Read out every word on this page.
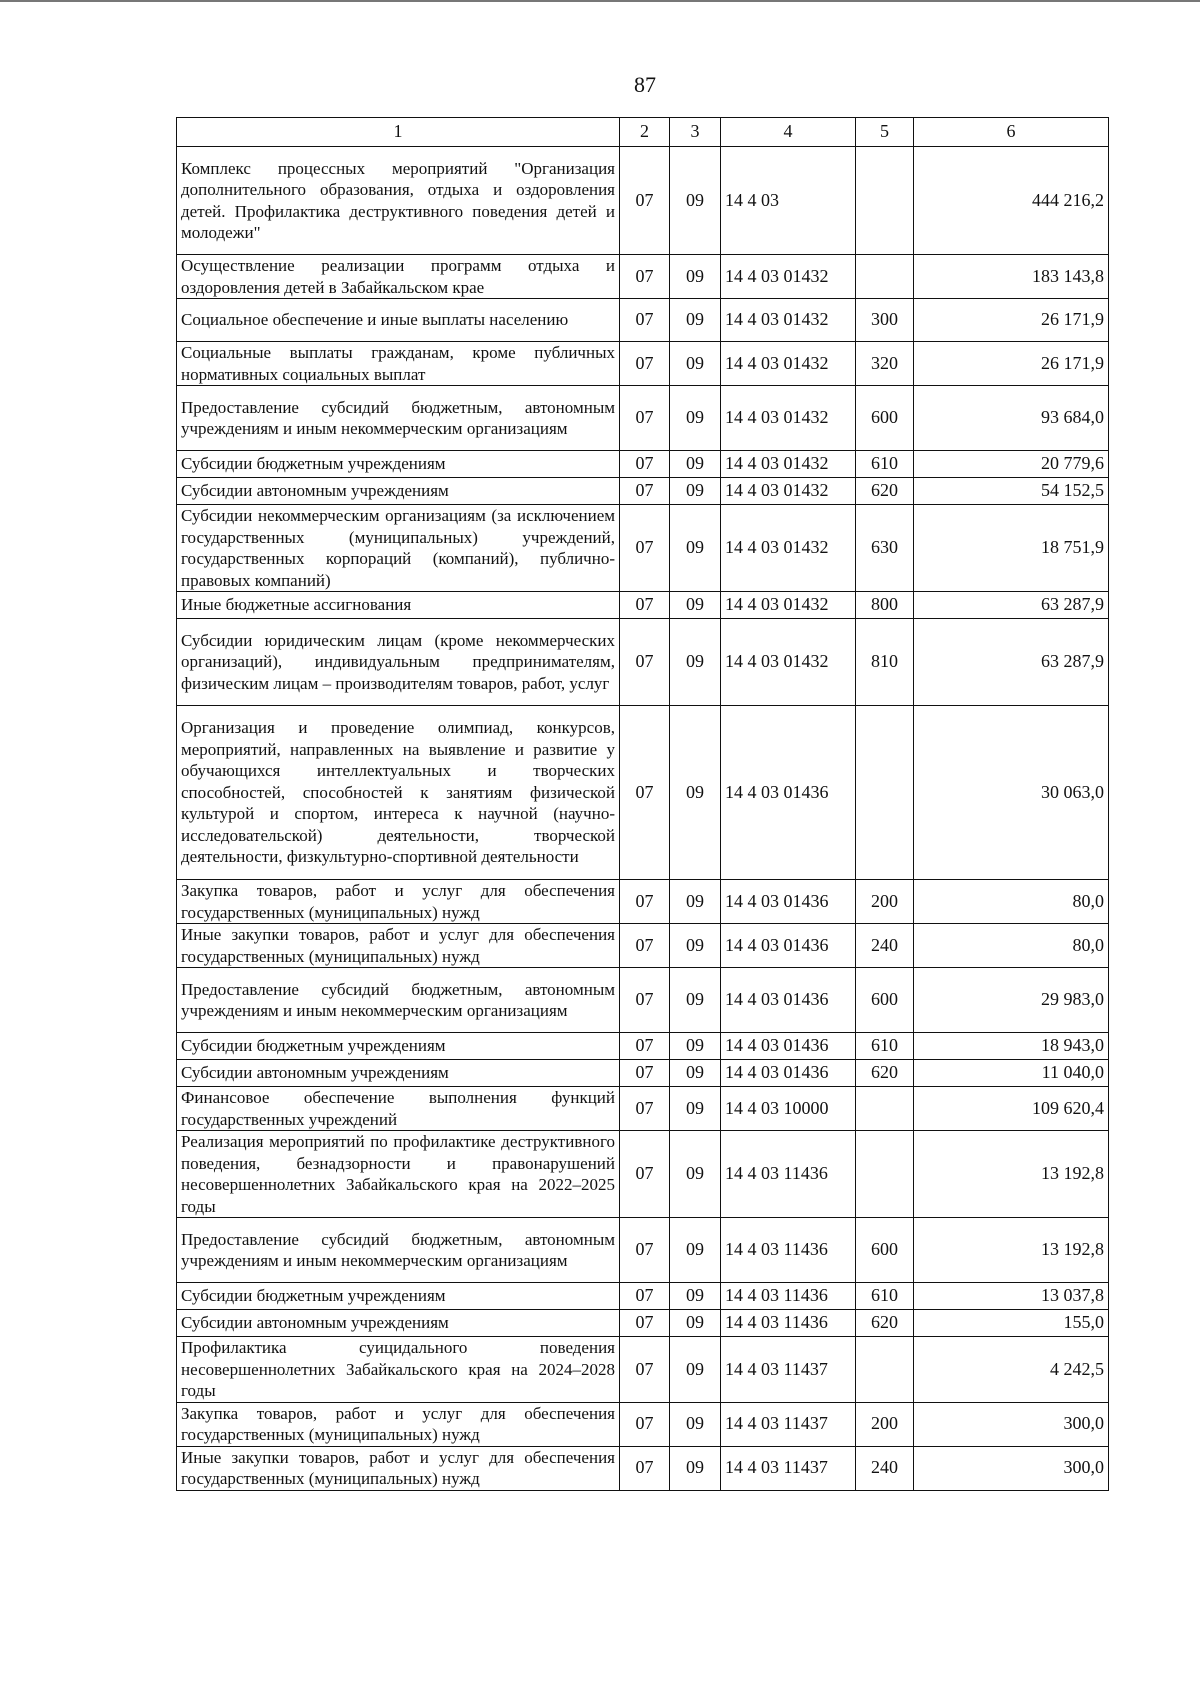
87
1	2	3	4	5	6
Комплекс процессных мероприятий "Организация дополнительного образования, отдыха и оздоровления детей. Профилактика деструктивного поведения детей и молодежи"	07	09	14 4 03		444 216,2
Осуществление реализации программ отдыха и оздоровления детей в Забайкальском крае	07	09	14 4 03 01432		183 143,8
Социальное обеспечение и иные выплаты населению	07	09	14 4 03 01432	300	26 171,9
Социальные выплаты гражданам, кроме публичных нормативных социальных выплат	07	09	14 4 03 01432	320	26 171,9
Предоставление субсидий бюджетным, автономным учреждениям и иным некоммерческим организациям	07	09	14 4 03 01432	600	93 684,0
Субсидии бюджетным учреждениям	07	09	14 4 03 01432	610	20 779,6
Субсидии автономным учреждениям	07	09	14 4 03 01432	620	54 152,5
Субсидии некоммерческим организациям (за исключением государственных (муниципальных) учреждений, государственных корпораций (компаний), публично-правовых компаний)	07	09	14 4 03 01432	630	18 751,9
Иные бюджетные ассигнования	07	09	14 4 03 01432	800	63 287,9
Субсидии юридическим лицам (кроме некоммерческих организаций), индивидуальным предпринимателям, физическим лицам – производителям товаров, работ, услуг	07	09	14 4 03 01432	810	63 287,9
Организация и проведение олимпиад, конкурсов, мероприятий, направленных на выявление и развитие у обучающихся интеллектуальных и творческих способностей, способностей к занятиям физической культурой и спортом, интереса к научной (научно-исследовательской) деятельности, творческой деятельности, физкультурно-спортивной деятельности	07	09	14 4 03 01436		30 063,0
Закупка товаров, работ и услуг для обеспечения государственных (муниципальных) нужд	07	09	14 4 03 01436	200	80,0
Иные закупки товаров, работ и услуг для обеспечения государственных (муниципальных) нужд	07	09	14 4 03 01436	240	80,0
Предоставление субсидий бюджетным, автономным учреждениям и иным некоммерческим организациям	07	09	14 4 03 01436	600	29 983,0
Субсидии бюджетным учреждениям	07	09	14 4 03 01436	610	18 943,0
Субсидии автономным учреждениям	07	09	14 4 03 01436	620	11 040,0
Финансовое обеспечение выполнения функций государственных учреждений	07	09	14 4 03 10000		109 620,4
Реализация мероприятий по профилактике деструктивного поведения, безнадзорности и правонарушений несовершеннолетних Забайкальского края на 2022–2025 годы	07	09	14 4 03 11436		13 192,8
Предоставление субсидий бюджетным, автономным учреждениям и иным некоммерческим организациям	07	09	14 4 03 11436	600	13 192,8
Субсидии бюджетным учреждениям	07	09	14 4 03 11436	610	13 037,8
Субсидии автономным учреждениям	07	09	14 4 03 11436	620	155,0
Профилактика суицидального поведения несовершеннолетних Забайкальского края на 2024–2028 годы	07	09	14 4 03 11437		4 242,5
Закупка товаров, работ и услуг для обеспечения государственных (муниципальных) нужд	07	09	14 4 03 11437	200	300,0
Иные закупки товаров, работ и услуг для обеспечения государственных (муниципальных) нужд	07	09	14 4 03 11437	240	300,0
